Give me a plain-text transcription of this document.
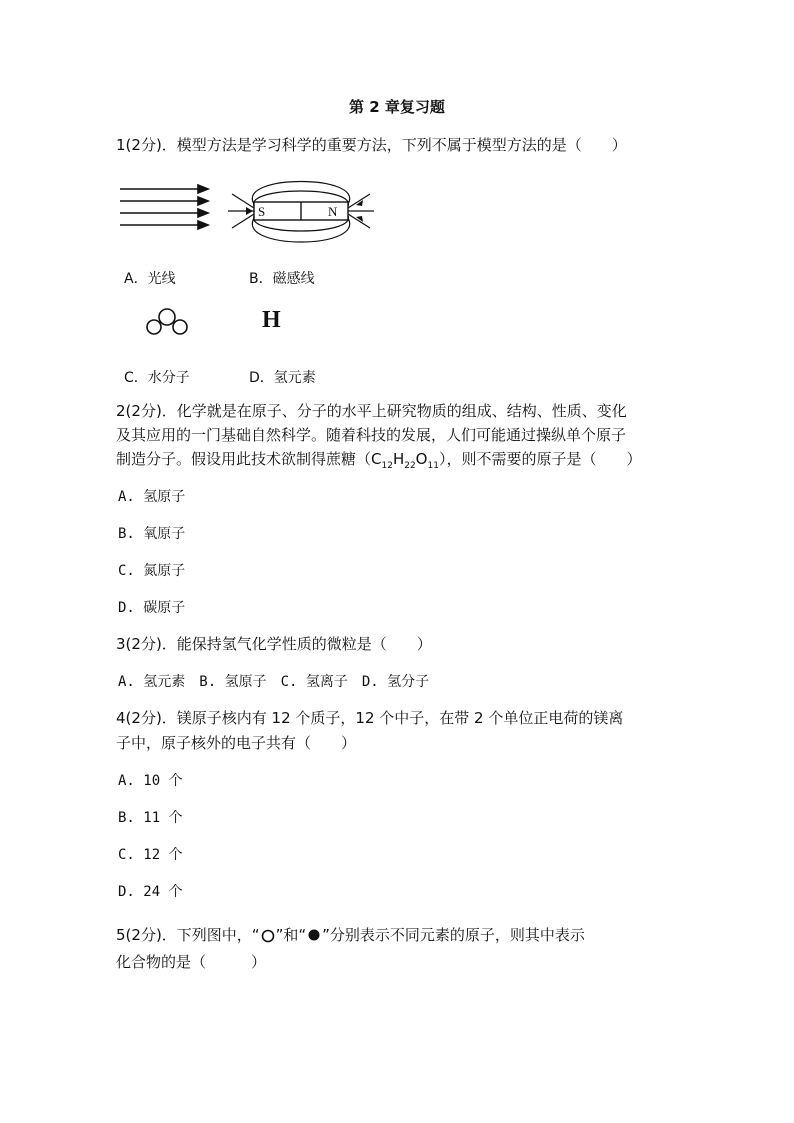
第 2 章复习题
1(2分)．模型方法是学习科学的重要方法，下列不属于模型方法的是（　　）
S	N
A．光线	B．磁感线
H
C．水分子	D．氢元素
2(2分)．化学就是在原子、分子的水平上研究物质的组成、结构、性质、变化
及其应用的一门基础自然科学。随着科技的发展，人们可能通过操纵单个原子
制造分子。假设用此技术欲制得蔗糖$(C_{12}H_{22}O_{11})$，则不需要的原子是（　　）
A. 氢原子
B. 氧原子
C. 氮原子
D. 碳原子
3(2分)．能保持氢气化学性质的微粒是（　　）
A. 氢元素　B. 氢原子　C. 氢离子　D. 氢分子
4(2分)．镁原子核内有 12 个质子，12 个中子，在带 2 个单位正电荷的镁离
子中，原子核外的电子共有（　　）
A. 10 个
B. 11 个
C. 12 个
D. 24 个
5(2分)．下列图中，“ ”和“ ”分别表示不同元素的原子，则其中表示
化合物的是（　　　）
